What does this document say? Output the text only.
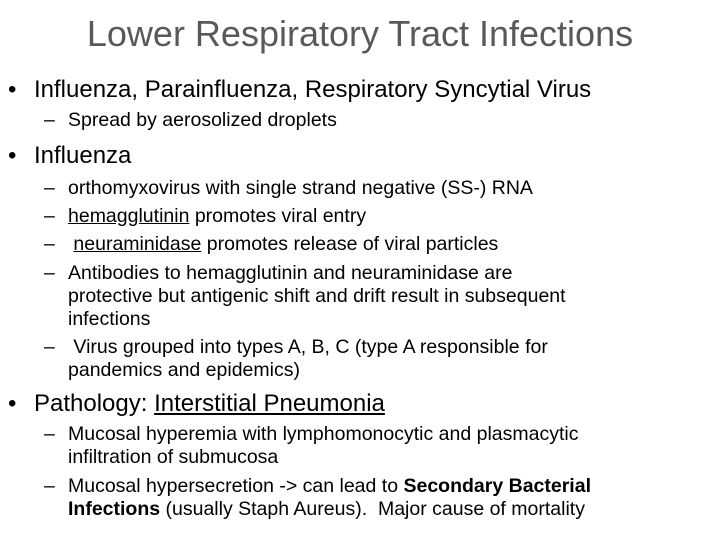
Lower Respiratory Tract Infections
• Influenza, Parainfluenza, Respiratory Syncytial Virus
– Spread by aerosolized droplets
• Influenza
– orthomyxovirus with single strand negative (SS-) RNA
– hemagglutinin promotes viral entry
– neuraminidase promotes release of viral particles
– Antibodies to hemagglutinin and neuraminidase are
protective but antigenic shift and drift result in subsequent
infections
– Virus grouped into types A, B, C (type A responsible for
pandemics and epidemics)
• Pathology: Interstitial Pneumonia
– Mucosal hyperemia with lymphomonocytic and plasmacytic
infiltration of submucosa
– Mucosal hypersecretion -> can lead to Secondary Bacterial
Infections (usually Staph Aureus).  Major cause of mortality
